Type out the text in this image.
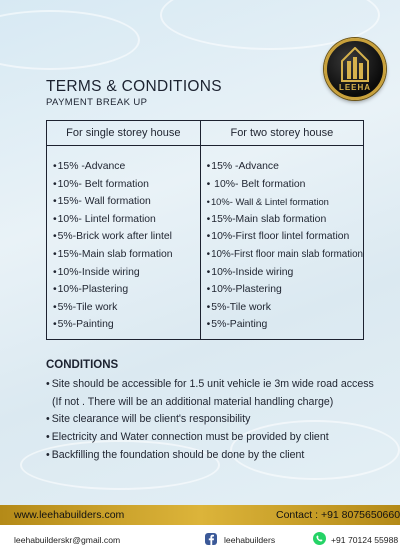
LEEHA
TERMS & CONDITIONS
PAYMENT BREAK UP
For single storey house
• 15% -Advance
• 10%- Belt formation
• 15%- Wall formation
• 10%- Lintel formation
• 5%-Brick work after lintel
• 15%-Main slab formation
• 10%-Inside wiring
• 10%-Plastering
• 5%-Tile work
• 5%-Painting
For two storey house
• 15% -Advance
• 10%- Belt formation
• 10%- Wall & Lintel formation
• 15%-Main slab formation
• 10%-First floor lintel formation
• 10%-First floor main slab formation
• 10%-Inside wiring
• 10%-Plastering
• 5%-Tile work
• 5%-Painting
CONDITIONS
• Site should be accessible for 1.5 unit vehicle ie 3m wide road access
(If not . There will be an additional material handling charge)
• Site clearance will be client's responsibility
• Electricity and Water connection must be provided by client
• Backfilling the foundation should be done by the client
www.leehabuilders.com	Contact : +91 8075650660
leehabuilderskr@gmail.com	leehabuilders	+91 70124 55988
